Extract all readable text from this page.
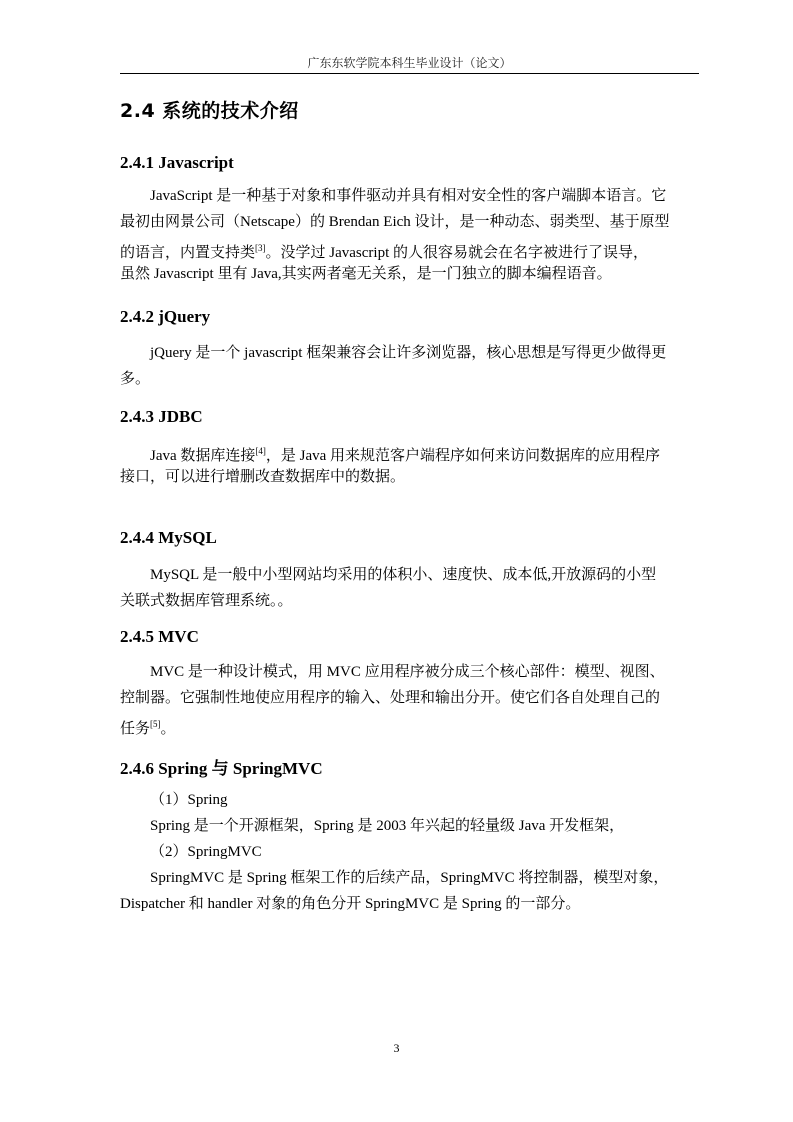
广东东软学院本科生毕业设计（论文）
2.4 系统的技术介绍
2.4.1 Javascript
JavaScript 是一种基于对象和事件驱动并具有相对安全性的客户端脚本语言。它
最初由网景公司（Netscape）的 Brendan Eich 设计，是一种动态、弱类型、基于原型
的语言，内置支持类[3]。没学过 Javascript 的人很容易就会在名字被进行了误导，
虽然 Javascript 里有 Java,其实两者毫无关系，是一门独立的脚本编程语音。
2.4.2 jQuery
jQuery 是一个 javascript 框架兼容会让许多浏览器，核心思想是写得更少做得更
多。
2.4.3 JDBC
Java 数据库连接[4]，是 Java 用来规范客户端程序如何来访问数据库的应用程序
接口，可以进行增删改查数据库中的数据。
2.4.4 MySQL
MySQL 是一般中小型网站均采用的体积小、速度快、成本低,开放源码的小型
关联式数据库管理系统。。
2.4.5 MVC
MVC 是一种设计模式，用 MVC 应用程序被分成三个核心部件：模型、视图、
控制器。它强制性地使应用程序的输入、处理和输出分开。使它们各自处理自己的
任务[5]。
2.4.6 Spring 与 SpringMVC
（1）Spring
Spring 是一个开源框架，Spring 是 2003 年兴起的轻量级 Java 开发框架，
（2）SpringMVC
SpringMVC 是 Spring 框架工作的后续产品，SpringMVC 将控制器，模型对象，
Dispatcher 和 handler 对象的角色分开 SpringMVC 是 Spring 的一部分。
3
